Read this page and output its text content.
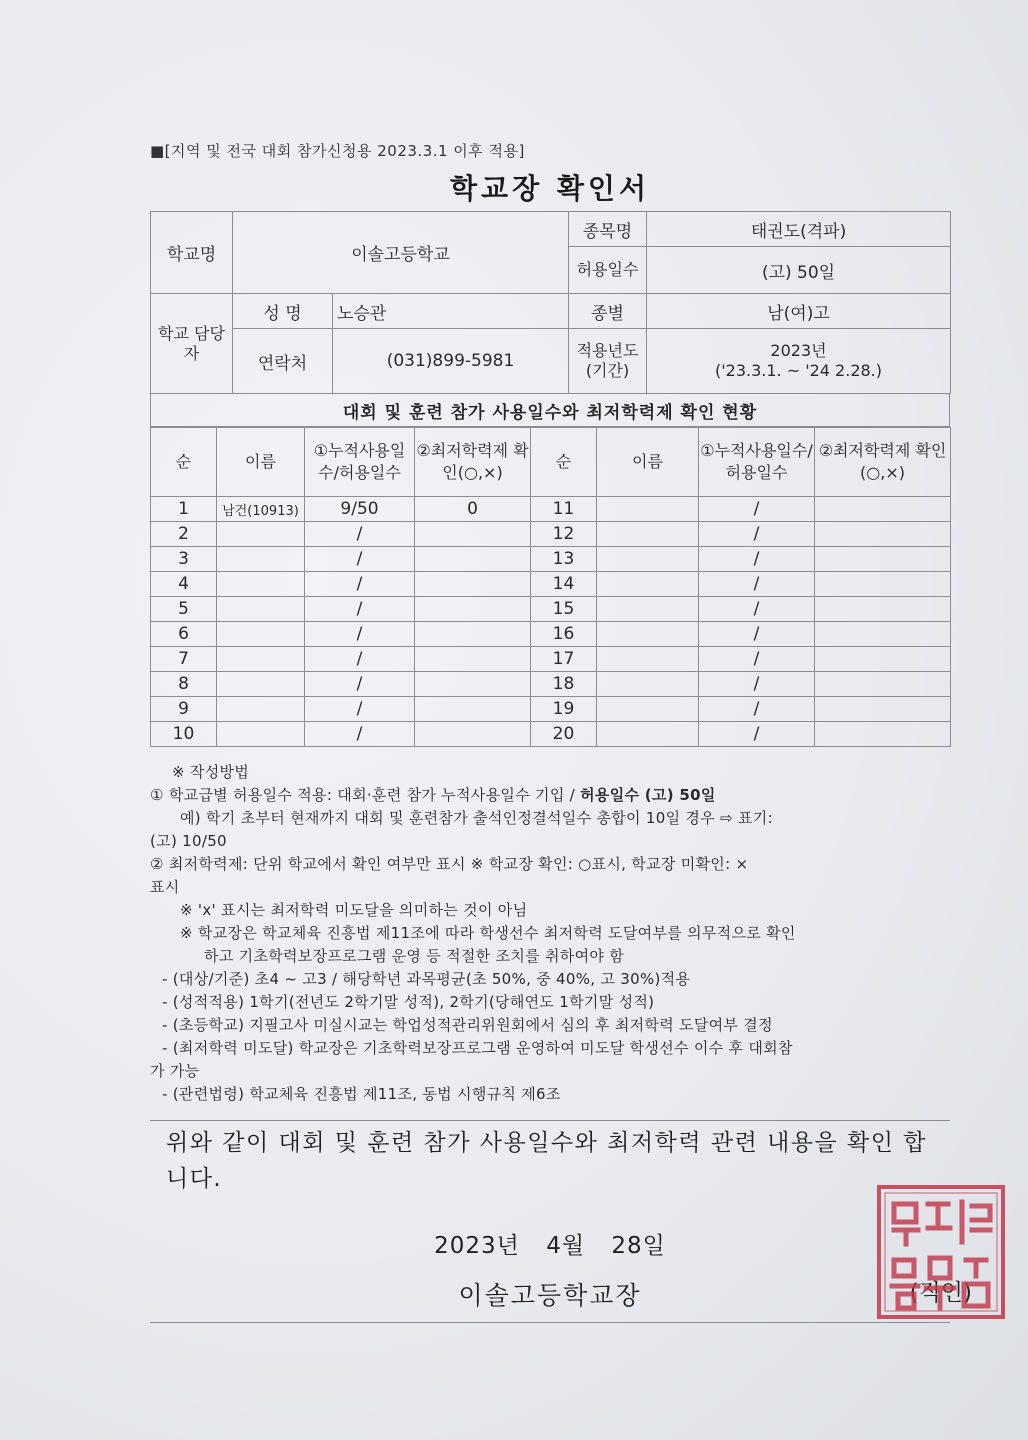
■[지역 및 전국 대회 참가신청용 2023.3.1 이후 적용]
학교장 확인서
학교명	이솔고등학교		종목명	태권도(격파)
			허용일수	(고) 50일
학교 담당자	성 명	노승관	종별	남(여)고
	연락처	(031)899-5981	적용년도 (기간)	2023년
('23.3.1. ~ '24 2.28.)
대회 및 훈련 참가 사용일수와 최저학력제 확인 현황
순	이름	①누적사용일수/허용일수	②최저학력제 확인(○,×)	순	이름	①누적사용일수/허용일수	②최저학력제 확인(○,×)
1	남건(10913)	9/50	0	11		/	
2		/		12		/	
3		/		13		/	
4		/		14		/	
5		/		15		/	
6		/		16		/	
7		/		17		/	
8		/		18		/	
9		/		19		/	
10		/		20		/	
※ 작성방법
① 학교급별 허용일수 적용: 대회·훈련 참가 누적사용일수 기입 / 허용일수 (고) 50일
예) 학기 초부터 현재까지 대회 및 훈련참가 출석인정결석일수 총합이 10일 경우 ⇨ 표기:
(고) 10/50
② 최저학력제: 단위 학교에서 확인 여부만 표시 ※ 학교장 확인: ○표시, 학교장 미확인: ×
표시
※ 'x' 표시는 최저학력 미도달을 의미하는 것이 아님
※ 학교장은 학교체육 진흥법 제11조에 따라 학생선수 최저학력 도달여부를 의무적으로 확인
하고 기초학력보장프로그램 운영 등 적절한 조치를 취하여야 함
- (대상/기준) 초4 ~ 고3 / 해당학년 과목평균(초 50%, 중 40%, 고 30%)적용
- (성적적용) 1학기(전년도 2학기말 성적), 2학기(당해연도 1학기말 성적)
- (초등학교) 지필고사 미실시교는 학업성적관리위원회에서 심의 후 최저학력 도달여부 결정
- (최저학력 미도달) 학교장은 기초학력보장프로그램 운영하여 미도달 학생선수 이수 후 대회참
가 가능
- (관련법령) 학교체육 진흥법 제11조, 동법 시행규칙 제6조
위와 같이 대회 및 훈련 참가 사용일수와 최저학력 관련 내용을 확인 합니다.
2023년 4월 28일
이솔고등학교장	(직인)
